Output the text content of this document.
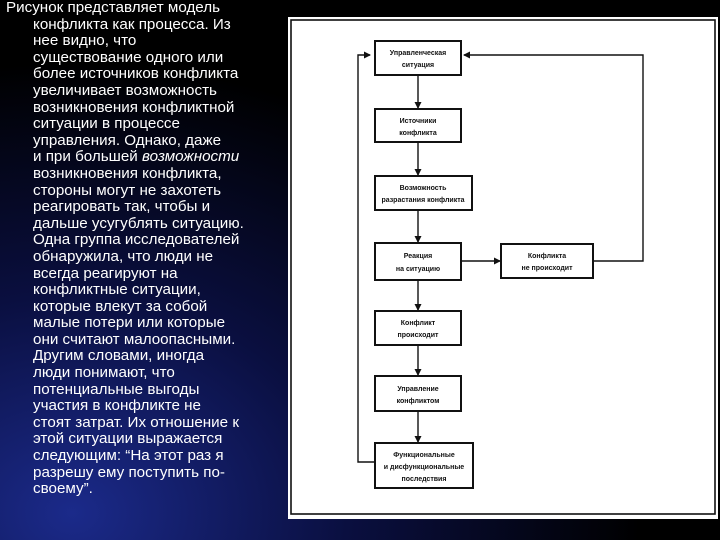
Рисунок представляет модель
конфликта как процесса. Из
нее видно, что
существование одного или
более источников конфликта
увеличивает возможность
возникновения конфликтной
ситуации в процессе
управления. Однако, даже
и при большей возможности
возникновения конфликта,
стороны могут не захотеть
реагировать так, чтобы и
дальше усугублять ситуацию.
Одна группа исследователей
обнаружила, что люди не
всегда реагируют на
конфликтные ситуации,
которые влекут за собой
малые потери или которые
они считают малоопасными.
Другим словами, иногда
люди понимают, что
потенциальные выгоды
участия в конфликте не
стоят затрат. Их отношение к
этой ситуации выражается
следующим: “На этот раз я
разрешу ему поступить по-
своему”.
Управленческая
ситуация
Источники
конфликта
Возможность
разрастания конфликта
Реакция
на ситуацию
Конфликт
происходит
Управление
конфликтом
Функциональные
и дисфункциональные
последствия
Конфликта
не происходит
